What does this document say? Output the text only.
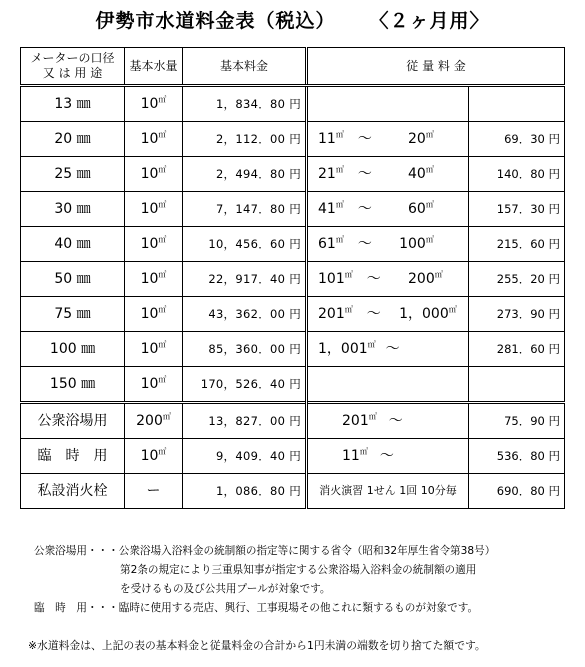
伊勢市水道料金表（税込） 〈２ヶ月用〉
メーターの口径
又 は 用 途	基本水量	基本料金	従 量 料 金	
13 ㎜	10㎥	1，834．80 円		
20 ㎜	10㎥	2，112．00 円	11㎥ ～ 20㎥	69．30 円
25 ㎜	10㎥	2，494．80 円	21㎥ ～ 40㎥	140．80 円
30 ㎜	10㎥	7，147．80 円	41㎥ ～ 60㎥	157．30 円
40 ㎜	10㎥	10，456．60 円	61㎥ ～ 100㎥	215．60 円
50 ㎜	10㎥	22，917．40 円	101㎥ ～ 200㎥	255．20 円
75 ㎜	10㎥	43，362．00 円	201㎥ ～ 1，000㎥	273．90 円
100 ㎜	10㎥	85，360．00 円	1，001㎥ ～	281．60 円
150 ㎜	10㎥	170，526．40 円		
公衆浴場用	200㎥	13，827．00 円	201㎥ ～	75．90 円
臨　時　用	10㎥	9，409．40 円	11㎥ ～	536．80 円
私設消火栓	ー	1，086．80 円	消火演習 1せん 1回 10分毎	690．80 円
公衆浴場用・・・公衆浴場入浴料金の統制額の指定等に関する省令（昭和32年厚生省令第38号）
第2条の規定により三重県知事が指定する公衆浴場入浴料金の統制額の適用
を受けるもの及び公共用プールが対象です。
臨　時　用・・・臨時に使用する売店、興行、工事現場その他これに類するものが対象です。
※水道料金は、上記の表の基本料金と従量料金の合計から1円未満の端数を切り捨てた額です。
